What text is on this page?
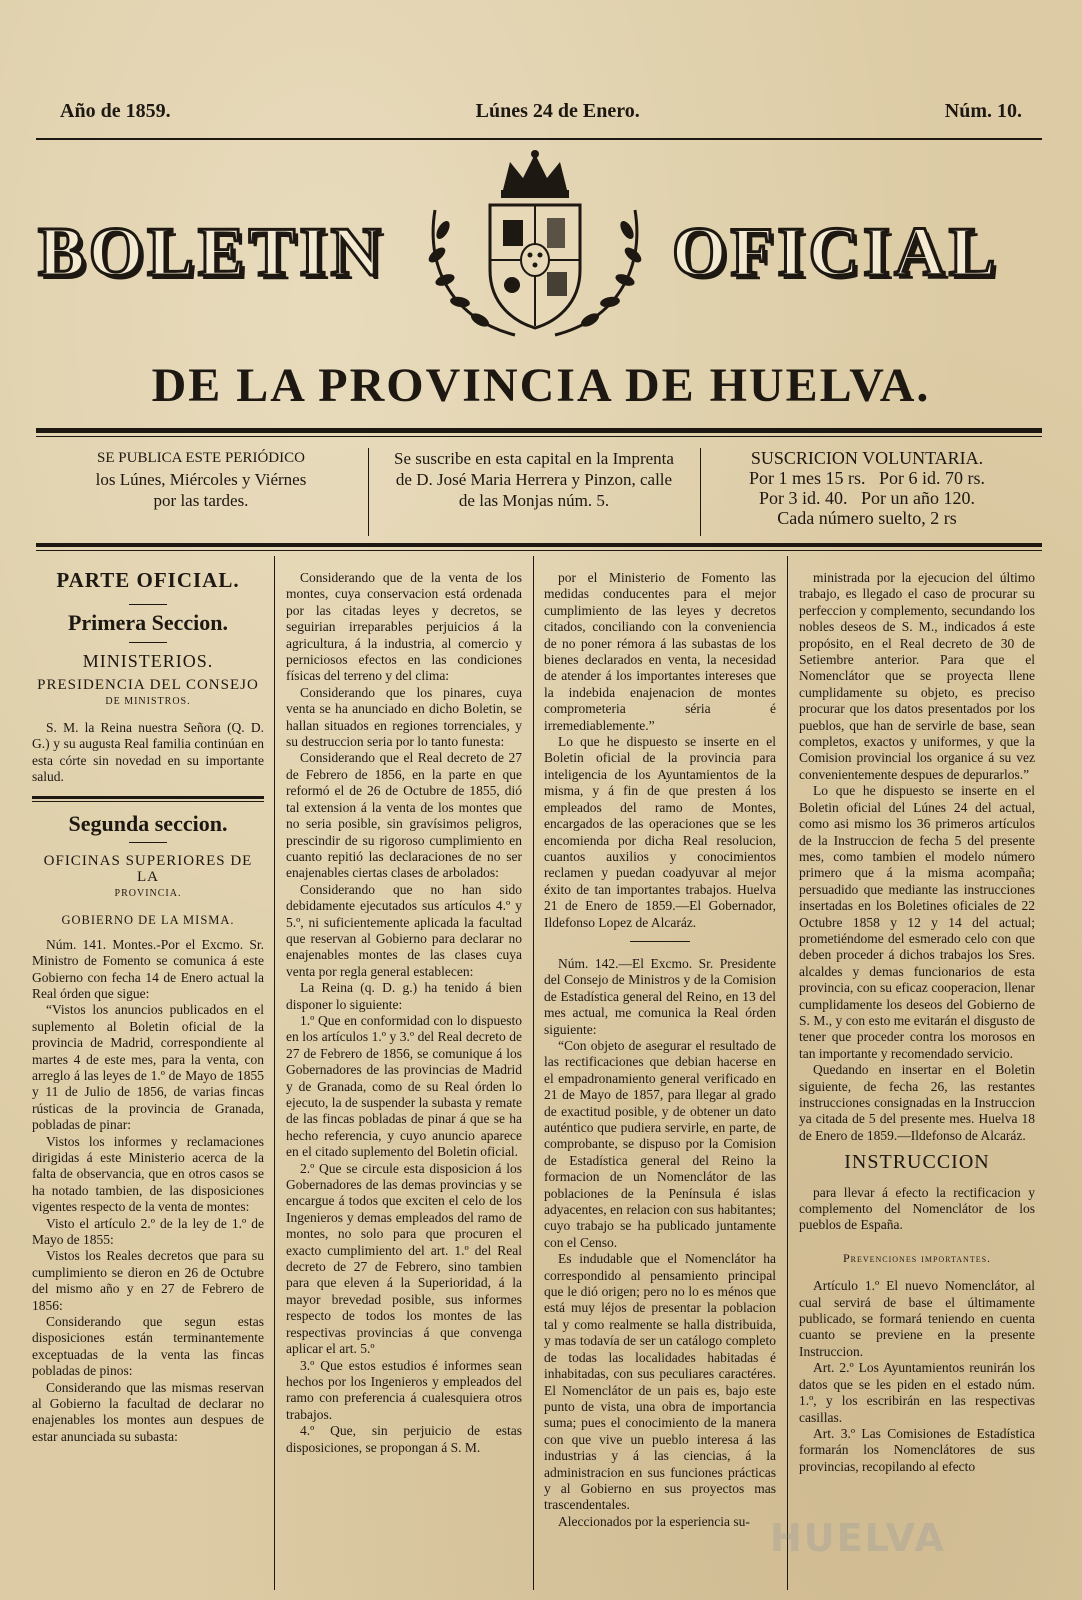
Año de 1859.	Lúnes 24 de Enero.	Núm. 10.
BOLETIN	OFICIAL
DE LA PROVINCIA DE HUELVA.
SE PUBLICA ESTE PERIÓDICO
los Lúnes, Miércoles y Viérnes
por las tardes.
Se suscribe en esta capital en la Imprenta
de D. José Maria Herrera y Pinzon, calle
de las Monjas núm. 5.
SUSCRICION VOLUNTARIA.
Por 1 mes 15 rs.   Por 6 id. 70 rs.
Por 3 id. 40.   Por un año 120.
Cada número suelto, 2 rs
PARTE OFICIAL.
Primera Seccion.
MINISTERIOS.
PRESIDENCIA DEL CONSEJO
DE MINISTROS.

S. M. la Reina nuestra Señora (Q. D. G.) y su augusta Real familia continúan en esta córte sin novedad en su importante salud.

Segunda seccion.
OFICINAS SUPERIORES DE LA
PROVINCIA.
GOBIERNO DE LA MISMA.

Núm. 141. Montes.-Por el Excmo. Sr. Ministro de Fomento se comunica á este Gobierno con fecha 14 de Enero actual la Real órden que sigue:

“Vistos los anuncios publicados en el suplemento al Boletin oficial de la provincia de Madrid, correspondiente al martes 4 de este mes, para la venta, con arreglo á las leyes de 1.º de Mayo de 1855 y 11 de Julio de 1856, de varias fincas rústicas de la provincia de Granada, pobladas de pinar:

Vistos los informes y reclamaciones dirigidas á este Ministerio acerca de la falta de observancia, que en otros casos se ha notado tambien, de las disposiciones vigentes respecto de la venta de montes:

Visto el artículo 2.º de la ley de 1.º de Mayo de 1855:

Vistos los Reales decretos que para su cumplimiento se dieron en 26 de Octubre del mismo año y en 27 de Febrero de 1856:

Considerando que segun estas disposiciones están terminantemente exceptuadas de la venta las fincas pobladas de pinos:

Considerando que las mismas reservan al Gobierno la facultad de declarar no enajenables los montes aun despues de estar anunciada su subasta:

Considerando que de la venta de los montes, cuya conservacion está ordenada por las citadas leyes y decretos, se seguirian irreparables perjuicios á la agricultura, á la industria, al comercio y perniciosos efectos en las condiciones físicas del terreno y del clima:

Considerando que los pinares, cuya venta se ha anunciado en dicho Boletin, se hallan situados en regiones torrenciales, y su destruccion seria por lo tanto funesta:

Considerando que el Real decreto de 27 de Febrero de 1856, en la parte en que reformó el de 26 de Octubre de 1855, dió tal extension á la venta de los montes que no seria posible, sin gravísimos peligros, prescindir de su rigoroso cumplimiento en cuanto repitió las declaraciones de no ser enajenables ciertas clases de arbolados:

Considerando que no han sido debidamente ejecutados sus artículos 4.º y 5.º, ni suficientemente aplicada la facultad que reservan al Gobierno para declarar no enajenables montes de las clases cuya venta por regla general establecen:

La Reina (q. D. g.) ha tenido á bien disponer lo siguiente:

1.º Que en conformidad con lo dispuesto en los artículos 1.º y 3.º del Real decreto de 27 de Febrero de 1856, se comunique á los Gobernadores de las provincias de Madrid y de Granada, como de su Real órden lo ejecuto, la de suspender la subasta y remate de las fincas pobladas de pinar á que se ha hecho referencia, y cuyo anuncio aparece en el citado suplemento del Boletin oficial.

2.º Que se circule esta disposicion á los Gobernadores de las demas provincias y se encargue á todos que exciten el celo de los Ingenieros y demas empleados del ramo de montes, no solo para que procuren el exacto cumplimiento del art. 1.º del Real decreto de 27 de Febrero, sino tambien para que eleven á la Superioridad, á la mayor brevedad posible, sus informes respecto de todos los montes de las respectivas provincias á que convenga aplicar el art. 5.º

3.º Que estos estudios é informes sean hechos por los Ingenieros y empleados del ramo con preferencia á cualesquiera otros trabajos.

4.º Que, sin perjuicio de estas disposiciones, se propongan á S. M.

por el Ministerio de Fomento las medidas conducentes para el mejor cumplimiento de las leyes y decretos citados, conciliando con la conveniencia de no poner rémora á las subastas de los bienes declarados en venta, la necesidad de atender á los importantes intereses que la indebida enajenacion de montes comprometeria séria é irremediablemente.”

Lo que he dispuesto se inserte en el Boletin oficial de la provincia para inteligencia de los Ayuntamientos de la misma, y á fin de que presten á los empleados del ramo de Montes, encargados de las operaciones que se les encomienda por dicha Real resolucion, cuantos auxilios y conocimientos reclamen y puedan coadyuvar al mejor éxito de tan importantes trabajos. Huelva 21 de Enero de 1859.—El Gobernador, Ildefonso Lopez de Alcaráz.

Núm. 142.—El Excmo. Sr. Presidente del Consejo de Ministros y de la Comision de Estadística general del Reino, en 13 del mes actual, me comunica la Real órden siguiente:

“Con objeto de asegurar el resultado de las rectificaciones que debian hacerse en el empadronamiento general verificado en 21 de Mayo de 1857, para llegar al grado de exactitud posible, y de obtener un dato auténtico que pudiera servirle, en parte, de comprobante, se dispuso por la Comision de Estadística general del Reino la formacion de un Nomenclátor de las poblaciones de la Península é islas adyacentes, en relacion con sus habitantes; cuyo trabajo se ha publicado juntamente con el Censo.

Es indudable que el Nomenclátor ha correspondido al pensamiento principal que le dió origen; pero no lo es ménos que está muy léjos de presentar la poblacion tal y como realmente se halla distribuida, y mas todavía de ser un catálogo completo de todas las localidades habitadas é inhabitadas, con sus peculiares caractéres. El Nomenclátor de un pais es, bajo este punto de vista, una obra de importancia suma; pues el conocimiento de la manera con que vive un pueblo interesa á las industrias y á las ciencias, á la administracion en sus funciones prácticas y al Gobierno en sus proyectos mas trascendentales.

Aleccionados por la esperiencia su-

ministrada por la ejecucion del último trabajo, es llegado el caso de procurar su perfeccion y complemento, secundando los nobles deseos de S. M., indicados á este propósito, en el Real decreto de 30 de Setiembre anterior. Para que el Nomenclátor que se proyecta llene cumplidamente su objeto, es preciso procurar que los datos presentados por los pueblos, que han de servirle de base, sean completos, exactos y uniformes, y que la Comision provincial los organice á su vez convenientemente despues de depurarlos.”

Lo que he dispuesto se inserte en el Boletin oficial del Lúnes 24 del actual, como asi mismo los 36 primeros artículos de la Instruccion de fecha 5 del presente mes, como tambien el modelo número primero que á la misma acompaña; persuadido que mediante las instrucciones insertadas en los Boletines oficiales de 22 Octubre 1858 y 12 y 14 del actual; prometiéndome del esmerado celo con que deben proceder á dichos trabajos los Sres. alcaldes y demas funcionarios de esta provincia, con su eficaz cooperacion, llenar cumplidamente los deseos del Gobierno de S. M., y con esto me evitarán el disgusto de tener que proceder contra los morosos en tan importante y recomendado servicio.

Quedando en insertar en el Boletin siguiente, de fecha 26, las restantes instrucciones consignadas en la Instruccion ya citada de 5 del presente mes. Huelva 18 de Enero de 1859.—Ildefonso de Alcaráz.

INSTRUCCION

para llevar á efecto la rectificacion y complemento del Nomenclátor de los pueblos de España.

Prevenciones importantes.

Artículo 1.º El nuevo Nomenclátor, al cual servirá de base el últimamente publicado, se formará teniendo en cuenta cuanto se previene en la presente Instruccion.

Art. 2.º Los Ayuntamientos reunirán los datos que se les piden en el estado núm. 1.º, y los escribirán en las respectivas casillas.

Art. 3.º Las Comisiones de Estadística formarán los Nomenclátores de sus provincias, recopilando al efecto

HUELVA
